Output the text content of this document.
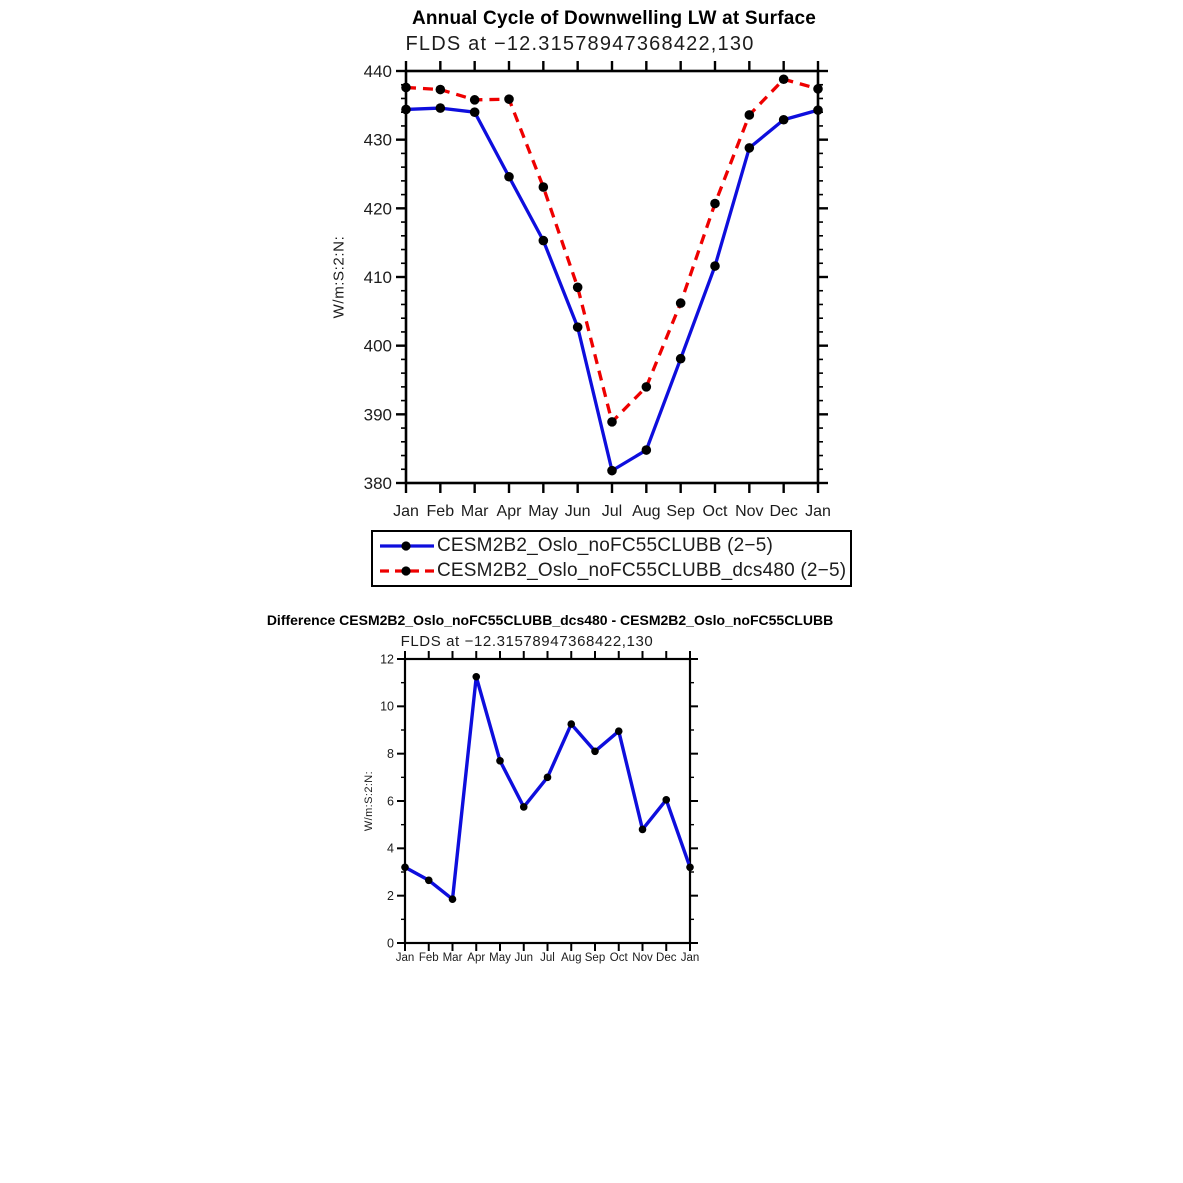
380
390
400
410
420
430
440
Jan Feb Mar Apr May Jun Jul Aug Sep Oct Nov Dec Jan
0
2
4
6
8
10
12
Jan Feb Mar Apr May Jun Jul Aug Sep Oct Nov Dec Jan
Annual Cycle of Downwelling LW at Surface
FLDS at −12.31578947368422,130
W/m:S:2:N:
CESM2B2_Oslo_noFC55CLUBB (2−5)
CESM2B2_Oslo_noFC55CLUBB_dcs480 (2−5)
Difference CESM2B2_Oslo_noFC55CLUBB_dcs480 - CESM2B2_Oslo_noFC55CLUBB
FLDS at −12.31578947368422,130
W/m:S:2:N:
